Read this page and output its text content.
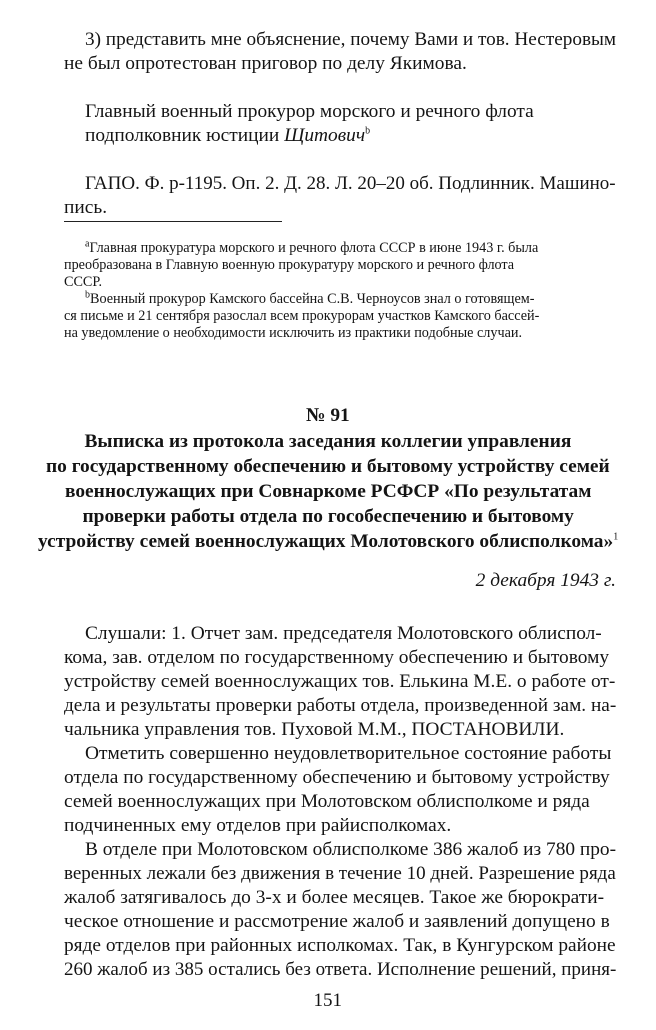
3) представить мне объяснение, почему Вами и тов. Нестеровым

не был опротестован приговор по делу Якимова.

Главный военный прокурор морского и речного флота

подполковник юстиции Щитович$^b$

ГАПО. Ф. р-1195. Оп. 2. Д. 28. Л. 20–20 об. Подлинник. Машино-

пись.

$^a$Главная прокуратура морского и речного флота СССР в июне 1943 г. была

преобразована в Главную военную прокуратуру морского и речного флота

СССР.

$^b$Военный прокурор Камского бассейна С.В. Черноусов знал о готовящем-

ся письме и 21 сентября разослал всем прокурорам участков Камского бассей-

на уведомление о необходимости исключить из практики подобные случаи.

№ 91

Выписка из протокола заседания коллегии управления

по государственному обеспечению и бытовому устройству семей

военнослужащих при Совнаркоме РСФСР «По результатам

проверки работы отдела по гособеспечению и бытовому

устройству семей военнослужащих Молотовского облисполкома»$^1$

2 декабря 1943 г.

Слушали: 1. Отчет зам. председателя Молотовского облиспол-

кома, зав. отделом по государственному обеспечению и бытовому

устройству семей военнослужащих тов. Елькина М.Е. о работе от-

дела и результаты проверки работы отдела, произведенной зам. на-

чальника управления тов. Пуховой М.М., ПОСТАНОВИЛИ.

Отметить совершенно неудовлетворительное состояние работы

отдела по государственному обеспечению и бытовому устройству

семей военнослужащих при Молотовском облисполкоме и ряда

подчиненных ему отделов при райисполкомах.

В отделе при Молотовском облисполкоме 386 жалоб из 780 про-

веренных лежали без движения в течение 10 дней. Разрешение ряда

жалоб затягивалось до 3-х и более месяцев. Такое же бюрократи-

ческое отношение и рассмотрение жалоб и заявлений допущено в

ряде отделов при районных исполкомах. Так, в Кунгурском районе

260 жалоб из 385 остались без ответа. Исполнение решений, приня-

151
